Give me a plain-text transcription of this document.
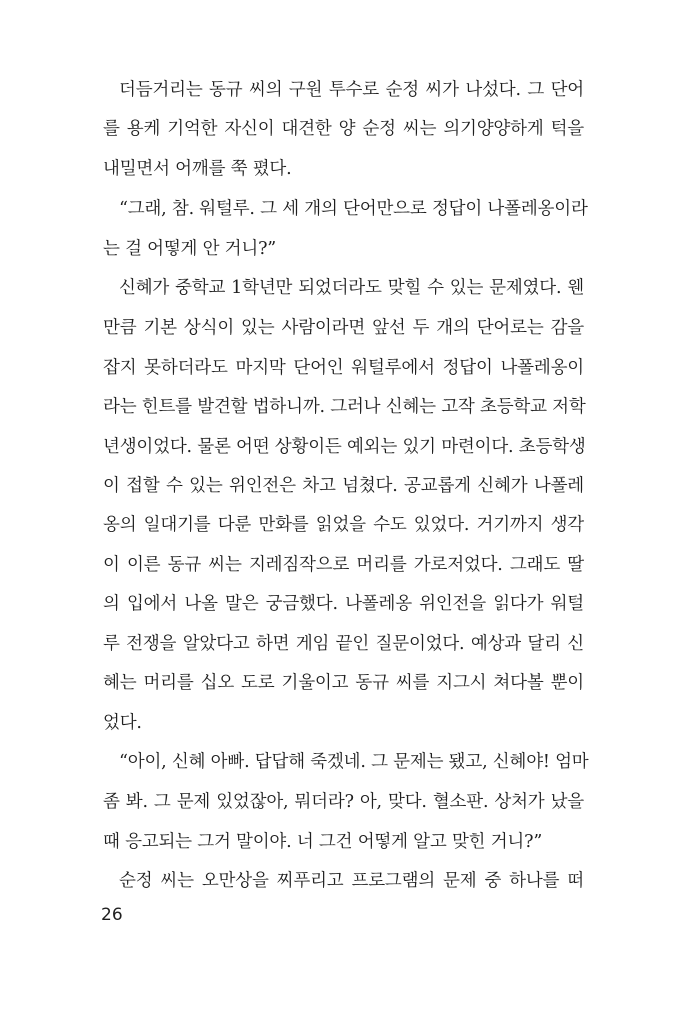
더듬거리는 동규 씨의 구원 투수로 순정 씨가 나섰다. 그 단어
를 용케 기억한 자신이 대견한 양 순정 씨는 의기양양하게 턱을
내밀면서 어깨를 쭉 폈다.
“그래, 참. 워털루. 그 세 개의 단어만으로 정답이 나폴레옹이라
는 걸 어떻게 안 거니?”
신혜가 중학교 1학년만 되었더라도 맞힐 수 있는 문제였다. 웬
만큼 기본 상식이 있는 사람이라면 앞선 두 개의 단어로는 감을
잡지 못하더라도 마지막 단어인 워털루에서 정답이 나폴레옹이
라는 힌트를 발견할 법하니까. 그러나 신혜는 고작 초등학교 저학
년생이었다. 물론 어떤 상황이든 예외는 있기 마련이다. 초등학생
이 접할 수 있는 위인전은 차고 넘쳤다. 공교롭게 신혜가 나폴레
옹의 일대기를 다룬 만화를 읽었을 수도 있었다. 거기까지 생각
이 이른 동규 씨는 지레짐작으로 머리를 가로저었다. 그래도 딸
의 입에서 나올 말은 궁금했다. 나폴레옹 위인전을 읽다가 워털
루 전쟁을 알았다고 하면 게임 끝인 질문이었다. 예상과 달리 신
혜는 머리를 십오 도로 기울이고 동규 씨를 지그시 쳐다볼 뿐이
었다.
“아이, 신혜 아빠. 답답해 죽겠네. 그 문제는 됐고, 신혜야! 엄마
좀 봐. 그 문제 있었잖아, 뭐더라? 아, 맞다. 혈소판. 상처가 났을
때 응고되는 그거 말이야. 너 그건 어떻게 알고 맞힌 거니?”
순정 씨는 오만상을 찌푸리고 프로그램의 문제 중 하나를 떠
26
